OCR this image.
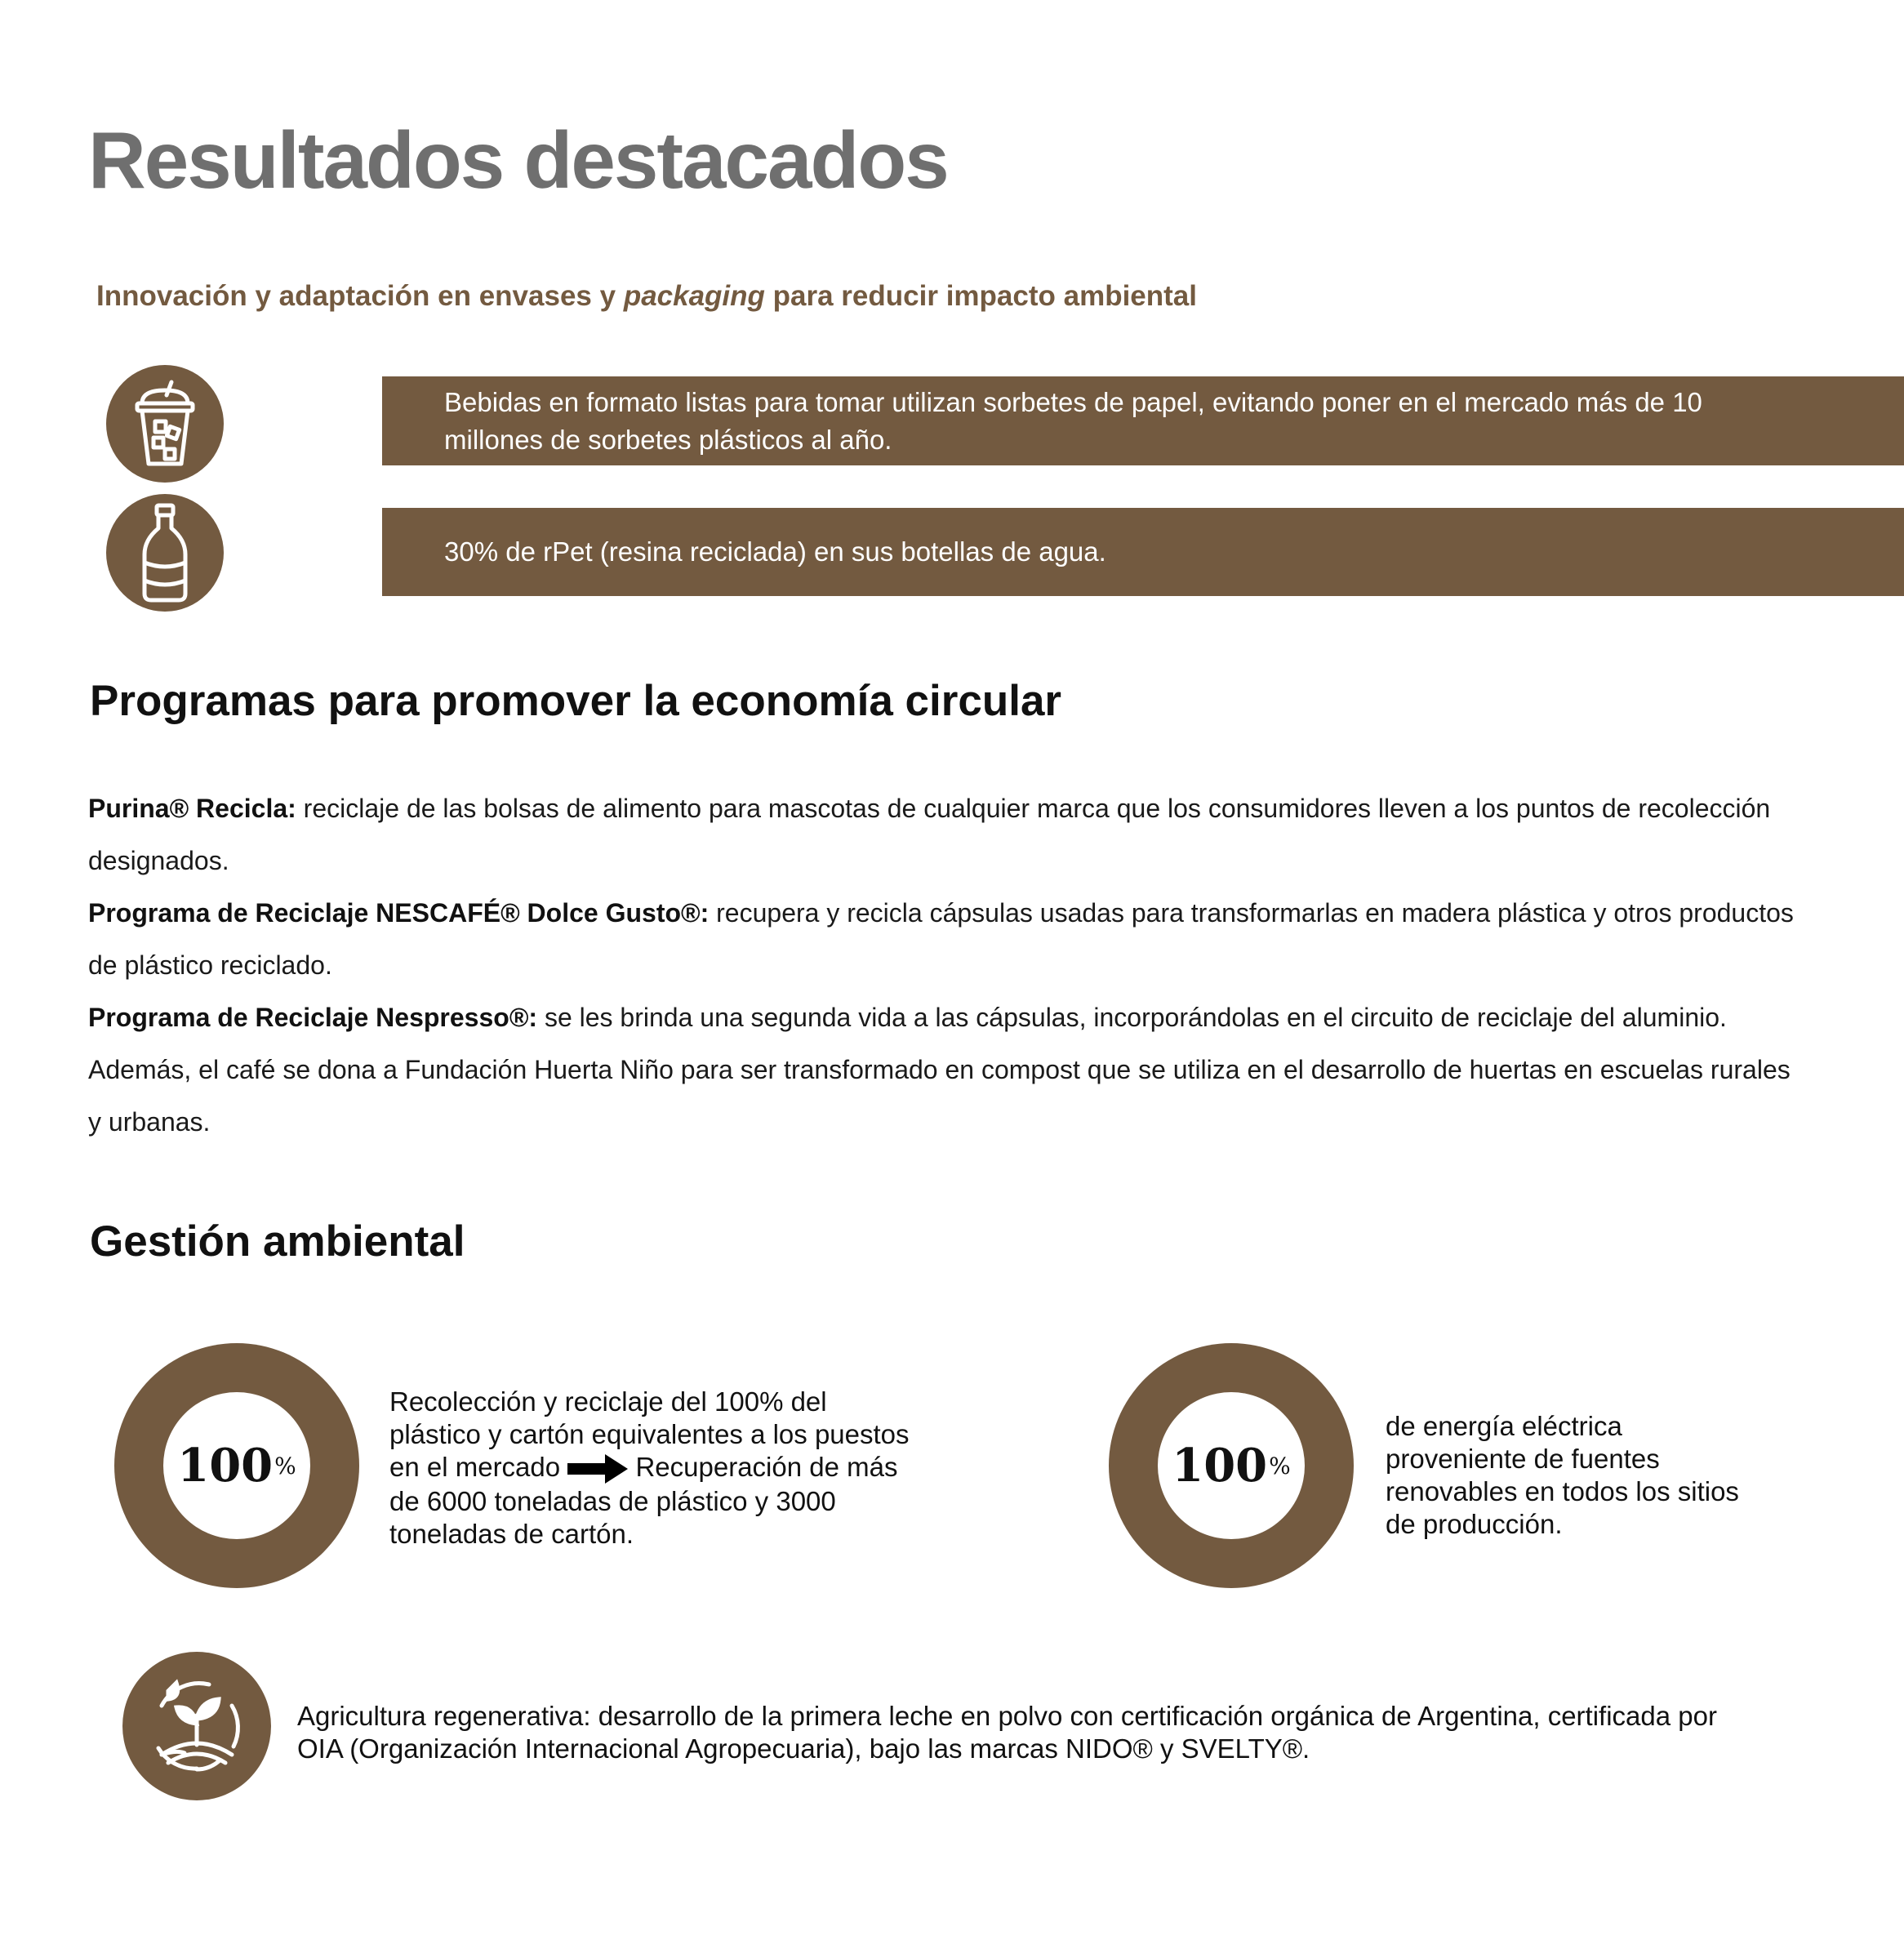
Resultados destacados
Innovación y adaptación en envases y packaging para reducir impacto ambiental
Bebidas en formato listas para tomar utilizan sorbetes de papel, evitando poner en el mercado más de 10 millones de sorbetes plásticos al año.
30% de rPet (resina reciclada) en sus botellas de agua.
Programas para promover la economía circular
Purina® Recicla: reciclaje de las bolsas de alimento para mascotas de cualquier marca que los consumidores lleven a los puntos de recolección designados.
Programa de Reciclaje NESCAFÉ® Dolce Gusto®: recupera y recicla cápsulas usadas para transformarlas en madera plástica y otros productos de plástico reciclado.
Programa de Reciclaje Nespresso®: se les brinda una segunda vida a las cápsulas, incorporándolas en el circuito de reciclaje del aluminio. Además, el café se dona a Fundación Huerta Niño para ser transformado en compost que se utiliza en el desarrollo de huertas en escuelas rurales y urbanas.
Gestión ambiental
100 %
Recolección y reciclaje del 100% del plástico y cartón equivalentes a los puestos en el mercado	Recuperación de más de 6000 toneladas de plástico y 3000 toneladas de cartón.
100 %
de energía eléctrica proveniente de fuentes renovables en todos los sitios de producción.
Agricultura regenerativa: desarrollo de la primera leche en polvo con certificación orgánica de Argentina, certificada por OIA (Organización Internacional Agropecuaria), bajo las marcas NIDO® y SVELTY®.
